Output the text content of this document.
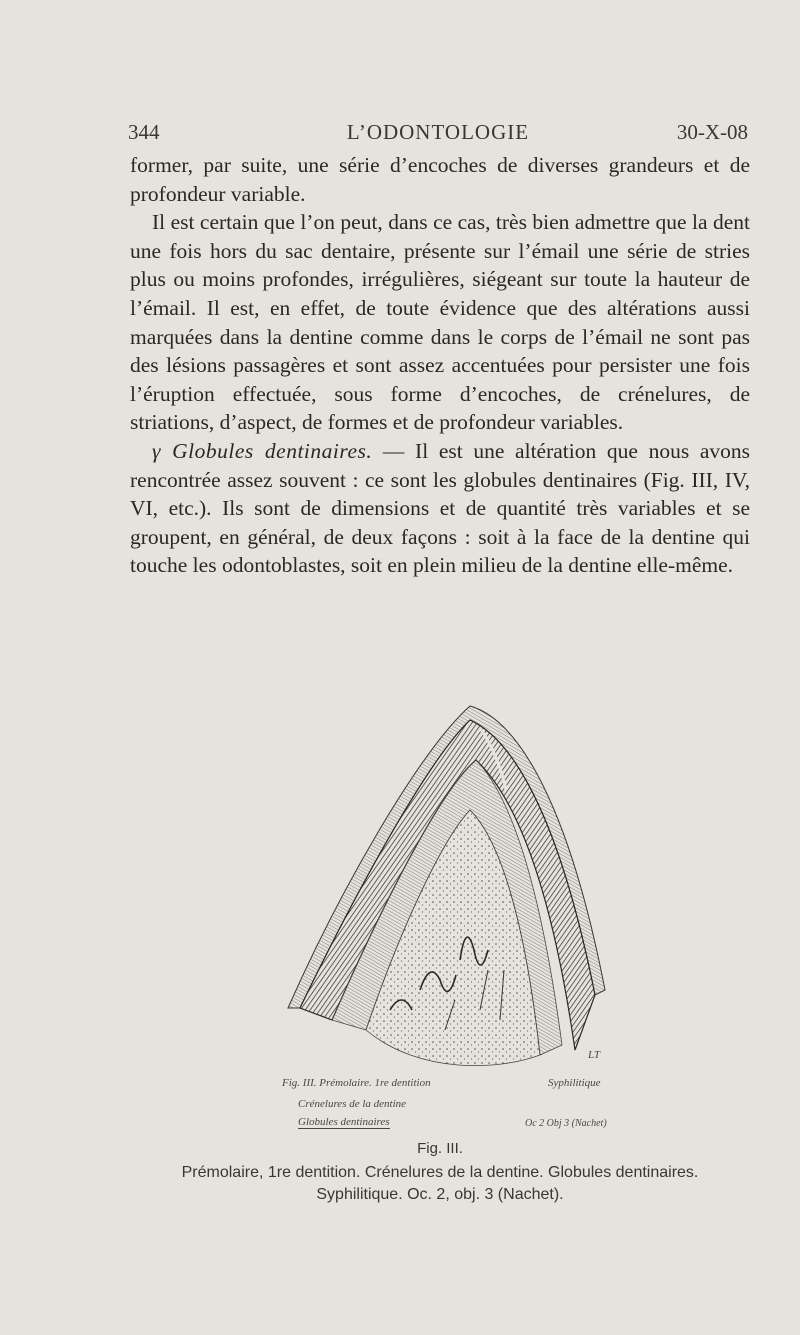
344	L’ODONTOLOGIE	30-X-08

former, par suite, une série d’encoches de diverses grandeurs et de profondeur variable.

Il est certain que l’on peut, dans ce cas, très bien admettre que la dent une fois hors du sac dentaire, présente sur l’émail une série de stries plus ou moins profondes, irrégulières, siégeant sur toute la hauteur de l’émail. Il est, en effet, de toute évidence que des altérations aussi marquées dans la dentine comme dans le corps de l’émail ne sont pas des lésions passagères et sont assez accentuées pour persister une fois l’éruption effectuée, sous forme d’encoches, de crénelures, de striations, d’aspect, de formes et de profondeur variables.

γ Globules dentinaires. — Il est une altération que nous avons rencontrée assez souvent : ce sont les globules dentinaires (Fig. III, IV, VI, etc.). Ils sont de dimensions et de quantité très variables et se groupent, en général, de deux façons : soit à la face de la dentine qui touche les odontoblastes, soit en plein milieu de la dentine elle-même.

Fig. III. Prémolaire. 1re dentition	Syphilitique
LT
Crénelures de la dentine
Globules dentinaires	Oc 2 Obj 3 (Nachet)
Fig. III.
Prémolaire, 1re dentition. Crénelures de la dentine. Globules dentinaires.
Syphilitique. Oc. 2, obj. 3 (Nachet).
